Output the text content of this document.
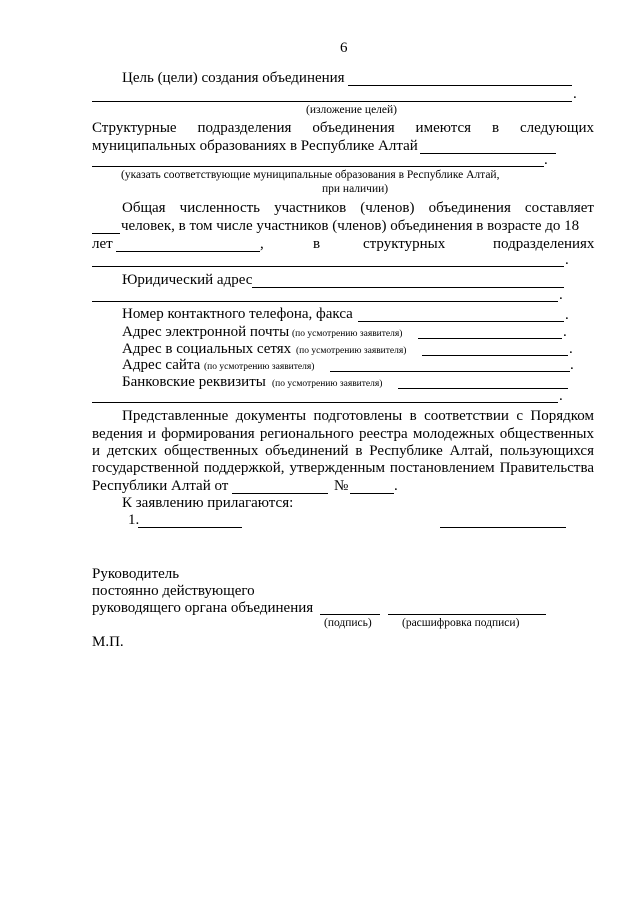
6
Цель (цели) создания объединения
.
(изложение целей)
Структурные подразделения объединения имеются в следующих
муниципальных образованиях в Республике Алтай
.
(указать соответствующие муниципальные образования в Республике Алтай,
при наличии)
Общая численность участников (членов) объединения составляет
человек, в том числе участников (членов) объединения в возрасте до 18
лет	,	в	структурных	подразделениях
.
Юридический адрес
.
Номер контактного телефона, факса	.
Адрес электронной почты (по усмотрению заявителя)	.
Адрес в социальных сетях (по усмотрению заявителя)	.
Адрес сайта (по усмотрению заявителя)	.
Банковские реквизиты (по усмотрению заявителя)
.
Представленные документы подготовлены в соответствии с Порядком
ведения и формирования регионального реестра молодежных общественных
и детских общественных объединений в Республике Алтай, пользующихся
государственной поддержкой, утвержденным постановлением Правительства
Республики Алтай от	№	.
К заявлению прилагаются:
1.
Руководитель
постоянно действующего
руководящего органа объединения
(подпись)	(расшифровка подписи)
М.П.
